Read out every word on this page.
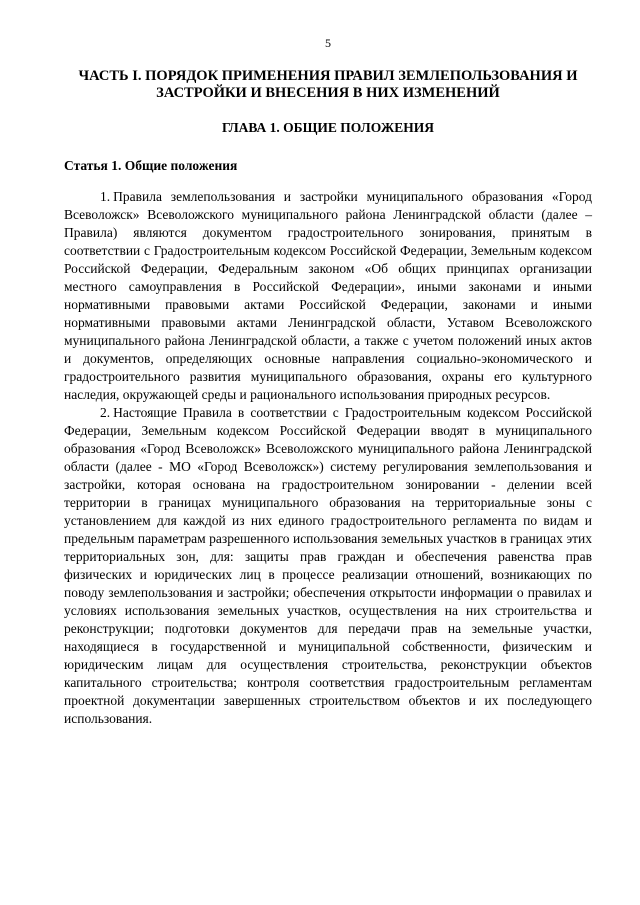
5
ЧАСТЬ I. ПОРЯДОК ПРИМЕНЕНИЯ ПРАВИЛ ЗЕМЛЕПОЛЬЗОВАНИЯ И ЗАСТРОЙКИ И ВНЕСЕНИЯ В НИХ ИЗМЕНЕНИЙ
ГЛАВА 1. ОБЩИЕ ПОЛОЖЕНИЯ
Статья 1. Общие положения

1. Правила землепользования и застройки муниципального образования «Город Всеволожск» Всеволожского муниципального района Ленинградской области (далее – Правила) являются документом градостроительного зонирования, принятым в соответствии с Градостроительным кодексом Российской Федерации, Земельным кодексом Российской Федерации, Федеральным законом «Об общих принципах организации местного самоуправления в Российской Федерации», иными законами и иными нормативными правовыми актами Российской Федерации, законами и иными нормативными правовыми актами Ленинградской области, Уставом Всеволожского муниципального района Ленинградской области, а также с учетом положений иных актов и документов, определяющих основные направления социально-экономического и градостроительного развития муниципального образования, охраны его культурного наследия, окружающей среды и рационального использования природных ресурсов.

2. Настоящие Правила в соответствии с Градостроительным кодексом Российской Федерации, Земельным кодексом Российской Федерации вводят в муниципального образования «Город Всеволожск» Всеволожского муниципального района Ленинградской области (далее - МО «Город Всеволожск») систему регулирования землепользования и застройки, которая основана на градостроительном зонировании - делении всей территории в границах муниципального образования на территориальные зоны с установлением для каждой из них единого градостроительного регламента по видам и предельным параметрам разрешенного использования земельных участков в границах этих территориальных зон, для: защиты прав граждан и обеспечения равенства прав физических и юридических лиц в процессе реализации отношений, возникающих по поводу землепользования и застройки; обеспечения открытости информации о правилах и условиях использования земельных участков, осуществления на них строительства и реконструкции; подготовки документов для передачи прав на земельные участки, находящиеся в государственной и муниципальной собственности, физическим и юридическим лицам для осуществления строительства, реконструкции объектов капитального строительства; контроля соответствия градостроительным регламентам проектной документации завершенных строительством объектов и их последующего использования.
